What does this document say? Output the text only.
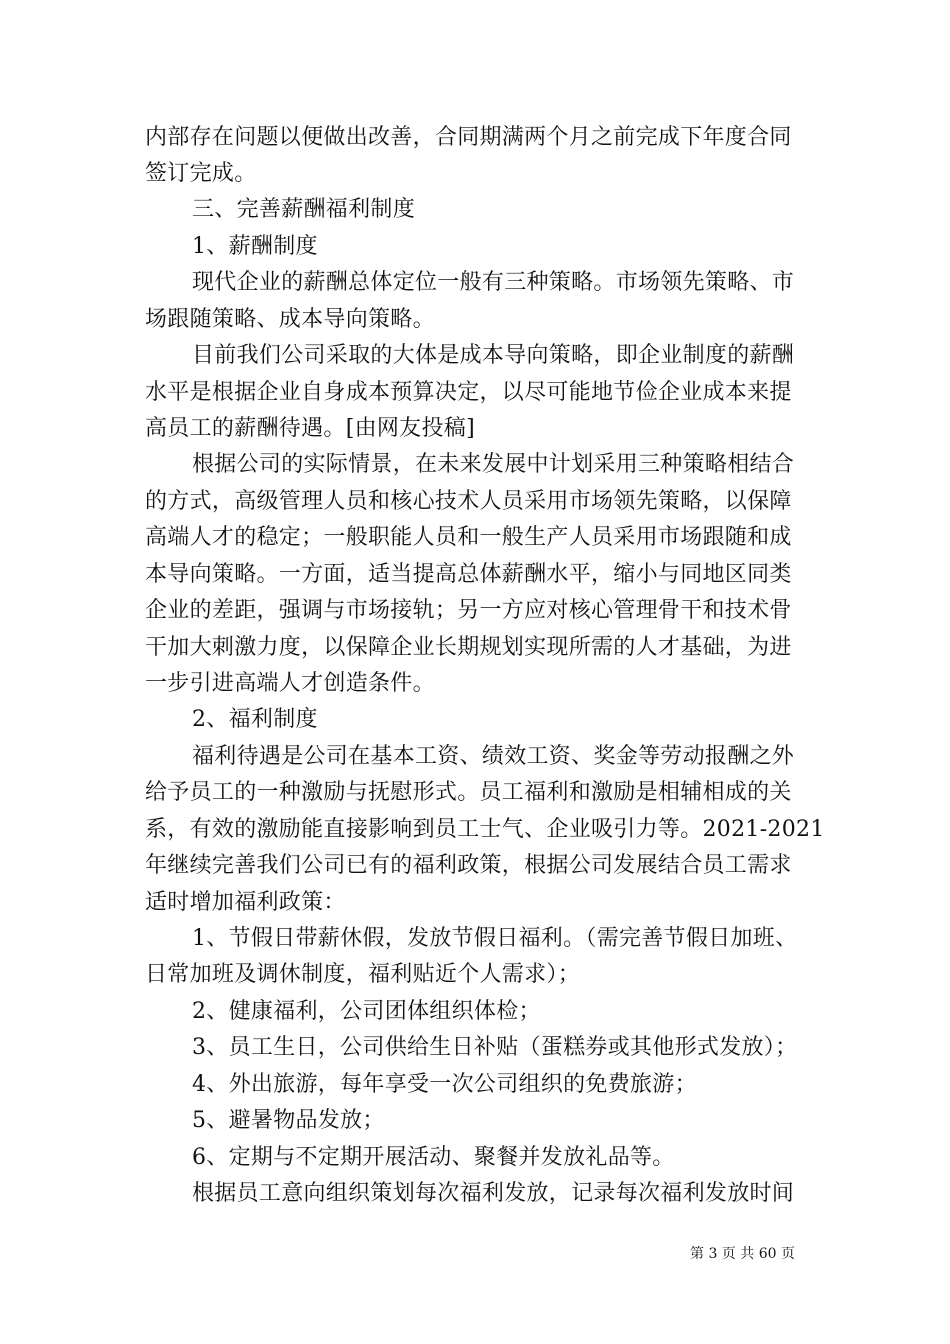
内部存在问题以便做出改善，合同期满两个月之前完成下年度合同
签订完成。
三、完善薪酬福利制度
1、薪酬制度
现代企业的薪酬总体定位一般有三种策略。市场领先策略、市
场跟随策略、成本导向策略。
目前我们公司采取的大体是成本导向策略，即企业制度的薪酬
水平是根据企业自身成本预算决定，以尽可能地节俭企业成本来提
高员工的薪酬待遇。[由网友投稿]
根据公司的实际情景，在未来发展中计划采用三种策略相结合
的方式，高级管理人员和核心技术人员采用市场领先策略，以保障
高端人才的稳定；一般职能人员和一般生产人员采用市场跟随和成
本导向策略。一方面，适当提高总体薪酬水平，缩小与同地区同类
企业的差距，强调与市场接轨；另一方应对核心管理骨干和技术骨
干加大刺激力度，以保障企业长期规划实现所需的人才基础，为进
一步引进高端人才创造条件。
2、福利制度
福利待遇是公司在基本工资、绩效工资、奖金等劳动报酬之外
给予员工的一种激励与抚慰形式。员工福利和激励是相辅相成的关
系，有效的激励能直接影响到员工士气、企业吸引力等。2021-2021
年继续完善我们公司已有的福利政策，根据公司发展结合员工需求
适时增加福利政策：
1、节假日带薪休假，发放节假日福利。（需完善节假日加班、
日常加班及调休制度，福利贴近个人需求）；
2、健康福利，公司团体组织体检；
3、员工生日，公司供给生日补贴（蛋糕券或其他形式发放）；
4、外出旅游，每年享受一次公司组织的免费旅游；
5、避暑物品发放；
6、定期与不定期开展活动、聚餐并发放礼品等。
根据员工意向组织策划每次福利发放，记录每次福利发放时间
第 3 页 共 60 页
